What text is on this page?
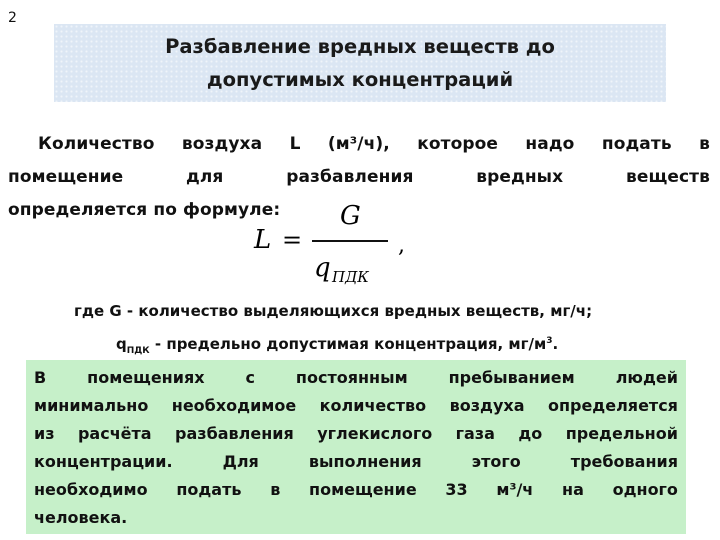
2
Разбавление вредных веществ до
допустимых концентраций
Количество воздуха L (м³/ч), которое надо подать в
помещение	для	разбавления	вредных	веществ
определяется по формуле:
L =
G
q ПДК
,
где G - количество выделяющихся вредных веществ, мг/ч;
$q_{ПДК}$ - предельно допустимая концентрация, $мг/м^3$.
В	помещениях	с	постоянным	пребыванием	людей
минимально необходимое количество воздуха определяется
из расчёта разбавления углекислого газа до предельной
концентрации.	Для	выполнения	этого	требования
необходимо подать в помещение 33 м³/ч на одного
человека.
